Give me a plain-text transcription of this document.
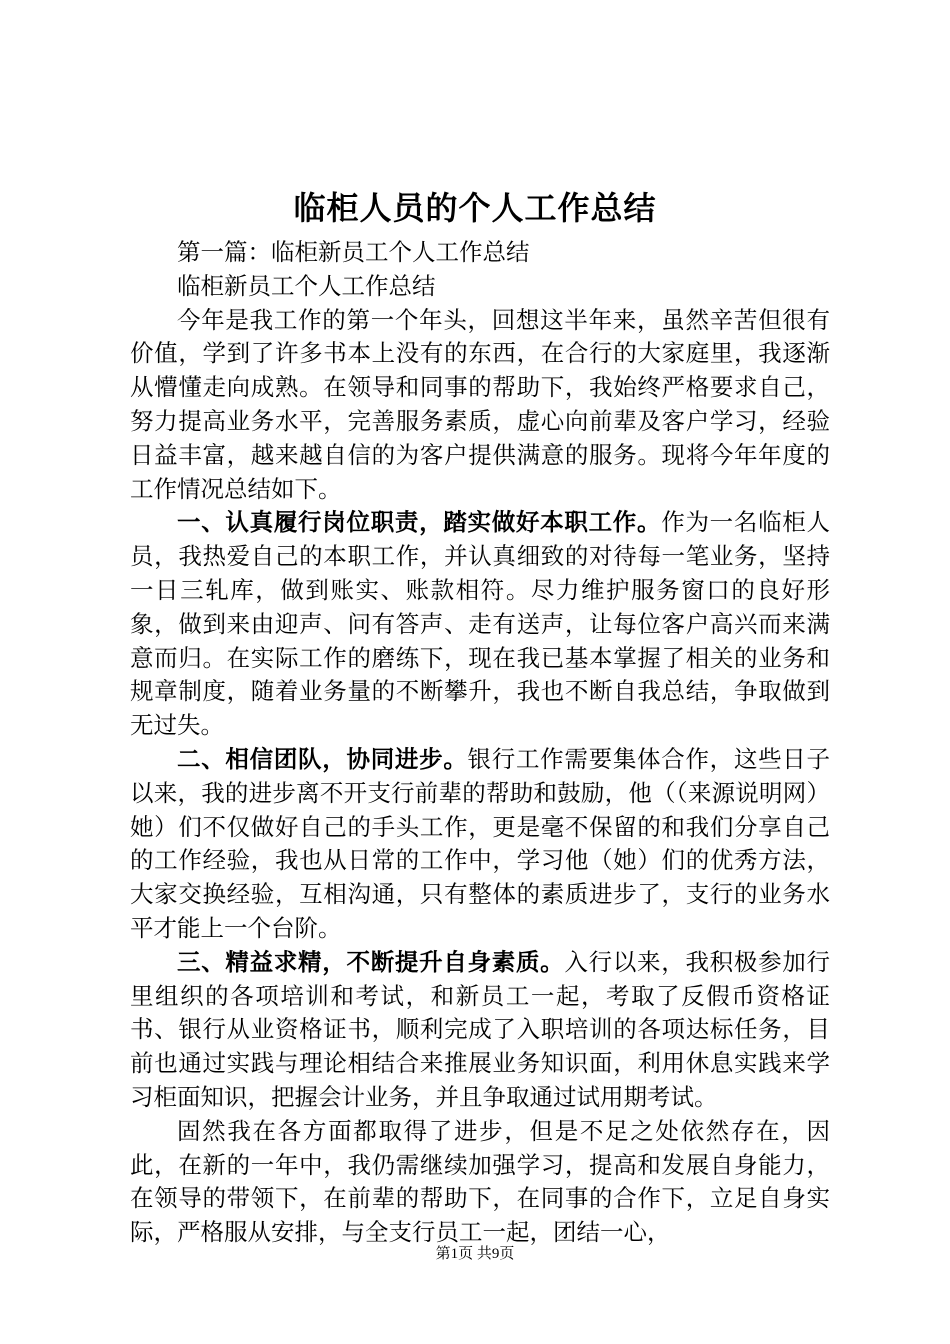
临柜人员的个人工作总结

第一篇：临柜新员工个人工作总结

临柜新员工个人工作总结

今年是我工作的第一个年头，回想这半年来，虽然辛苦但很有价值，学到了许多书本上没有的东西，在合行的大家庭里，我逐渐从懵懂走向成熟。在领导和同事的帮助下，我始终严格要求自己，努力提高业务水平，完善服务素质，虚心向前辈及客户学习，经验日益丰富，越来越自信的为客户提供满意的服务。现将今年年度的工作情况总结如下。

一、认真履行岗位职责，踏实做好本职工作。作为一名临柜人员，我热爱自己的本职工作，并认真细致的对待每一笔业务，坚持一日三轧库，做到账实、账款相符。尽力维护服务窗口的良好形象，做到来由迎声、问有答声、走有送声，让每位客户高兴而来满意而归。在实际工作的磨练下，现在我已基本掌握了相关的业务和规章制度，随着业务量的不断攀升，我也不断自我总结，争取做到无过失。

二、相信团队，协同进步。银行工作需要集体合作，这些日子以来，我的进步离不开支行前辈的帮助和鼓励，他（（来源说明网）她）们不仅做好自己的手头工作，更是毫不保留的和我们分享自己的工作经验，我也从日常的工作中，学习他（她）们的优秀方法，大家交换经验，互相沟通，只有整体的素质进步了，支行的业务水平才能上一个台阶。

三、精益求精，不断提升自身素质。入行以来，我积极参加行里组织的各项培训和考试，和新员工一起，考取了反假币资格证书、银行从业资格证书，顺利完成了入职培训的各项达标任务，目前也通过实践与理论相结合来推展业务知识面，利用休息实践来学习柜面知识，把握会计业务，并且争取通过试用期考试。

固然我在各方面都取得了进步，但是不足之处依然存在，因此，在新的一年中，我仍需继续加强学习，提高和发展自身能力，在领导的带领下，在前辈的帮助下，在同事的合作下，立足自身实际，严格服从安排，与全支行员工一起，团结一心，

第1页 共9页
